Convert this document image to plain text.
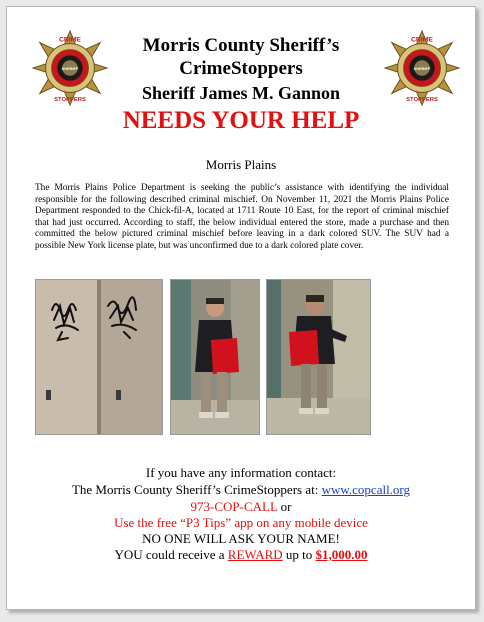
CRIME
STOPPERS
SHERIFF
CRIME
STOPPERS
SHERIFF
Morris County Sheriff’s
CrimeStoppers
Sheriff James M. Gannon
NEEDS YOUR HELP
Morris Plains

The Morris Plains Police Department is seeking the public’s assistance with identifying the individual responsible for the following described criminal mischief. On November 11, 2021 the Morris Plains Police Department responded to the Chick-fil-A, located at 1711 Route 10 East, for the report of criminal mischief that had just occurred. According to staff, the below individual entered the store, made a purchase and then committed the below pictured criminal mischief before leaving in a dark colored SUV. The SUV had a possible New York license plate, but was unconfirmed due to a dark colored plate cover.

If you have any information contact:
The Morris County Sheriff’s CrimeStoppers at: www.copcall.org
973-COP-CALL or
Use the free “P3 Tips” app on any mobile device
NO ONE WILL ASK YOUR NAME!
YOU could receive a REWARD up to $1,000.00
